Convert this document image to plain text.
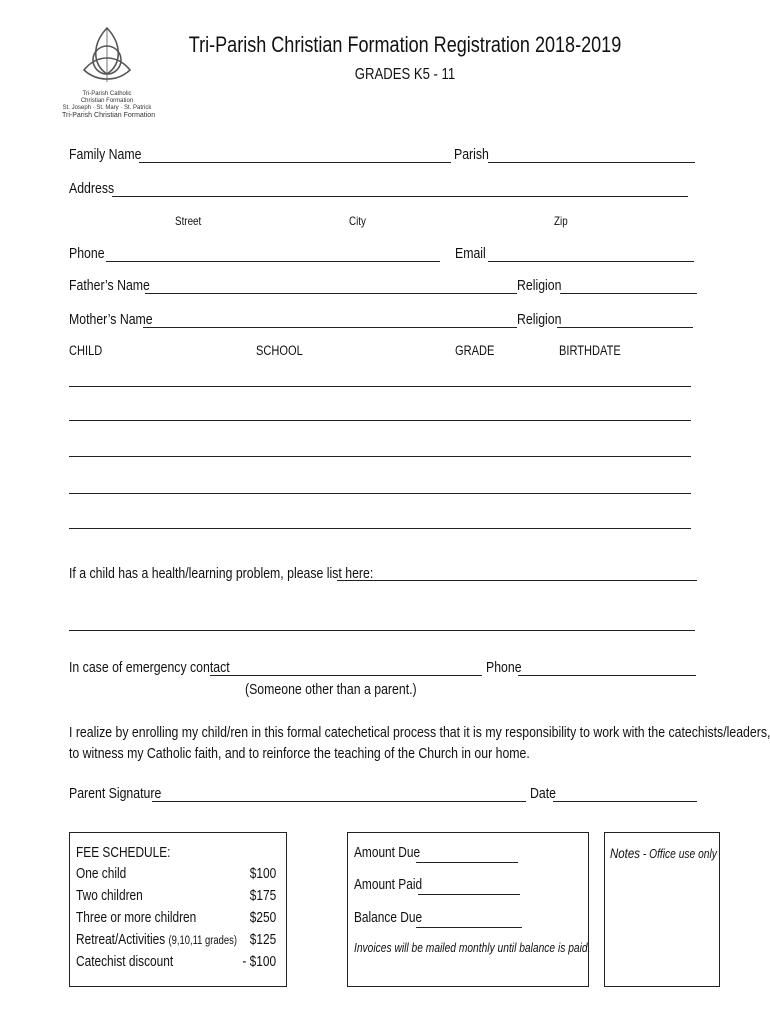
Tri-Parish Catholic
Christian Formation
St. Joseph · St. Mary · St. Patrick
Tri-Parish Christian Formation
Tri-Parish Christian Formation Registration 2018-2019
GRADES K5 - 11
Family Name	Parish
Address
Street	City	Zip
Phone	Email
Father’s Name	Religion
Mother’s Name	Religion
CHILD	SCHOOL	GRADE	BIRTHDATE
If a child has a health/learning problem, please list here:
In case of emergency contact	Phone
(Someone other than a parent.)
I realize by enrolling my child/ren in this formal catechetical process that it is my responsibility to work with the catechists/leaders,
to witness my Catholic faith, and to reinforce the teaching of the Church in our home.
Parent Signature	Date
FEE SCHEDULE:
One child	$100
Two children	$175
Three or more children	$250
Retreat/Activities (9,10,11 grades) $125
Catechist discount	- $100
Amount Due
Amount Paid
Balance Due
Invoices will be mailed monthly until balance is paid.
Notes - Office use only
